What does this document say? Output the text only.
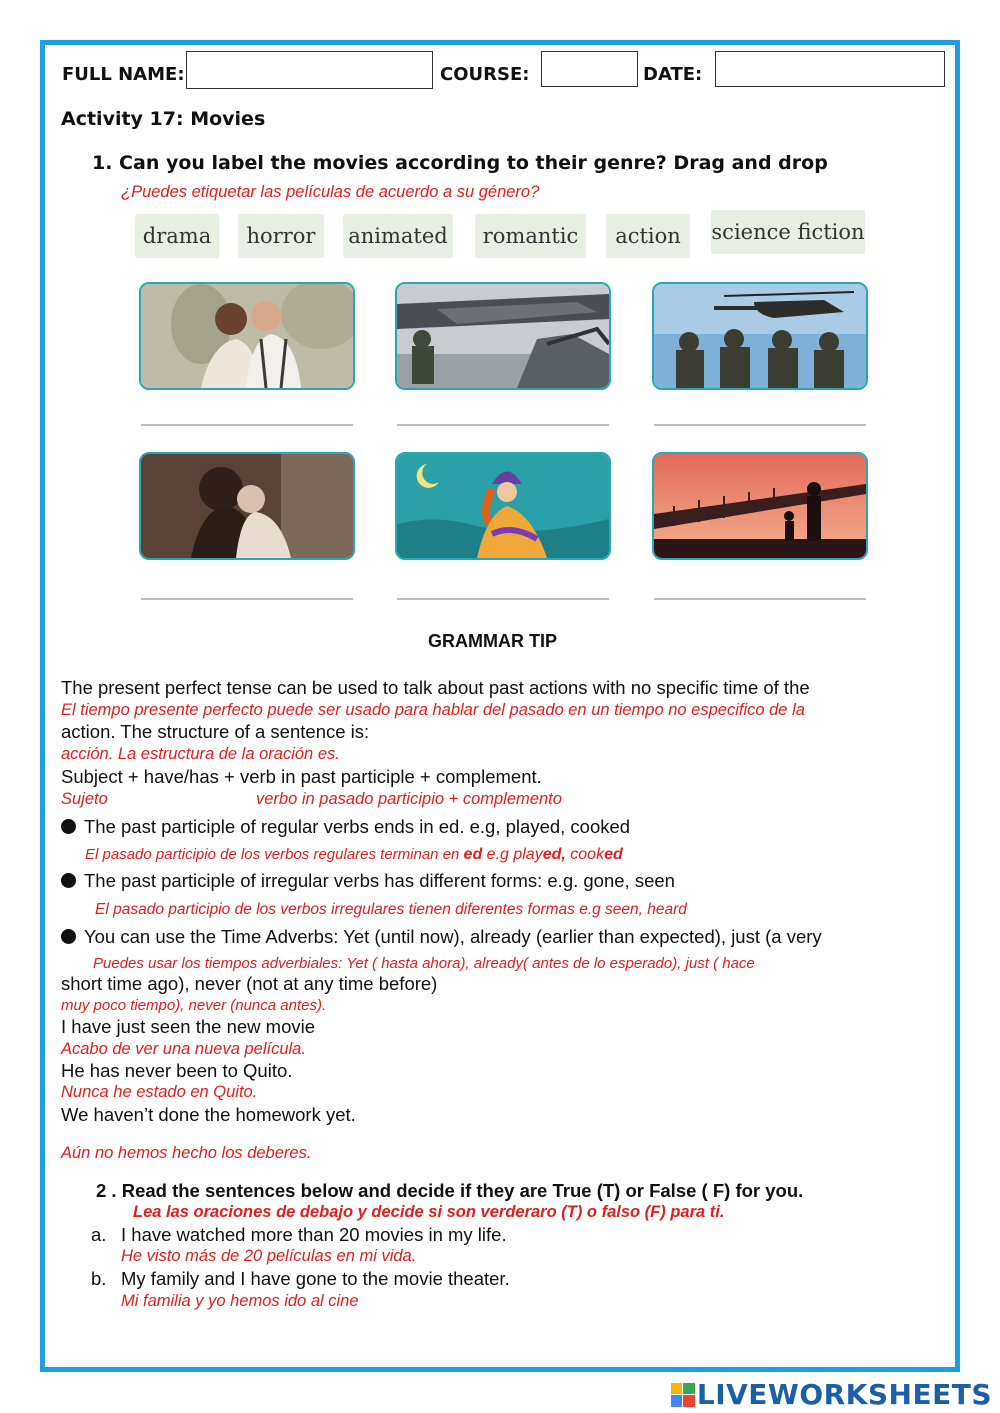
FULL NAME:	COURSE:	DATE:
Activity 17: Movies
1. Can you label the movies according to their genre? Drag and drop
¿Puedes etiquetar las películas de acuerdo a su género?
drama	horror	animated	romantic	action	science fiction
GRAMMAR TIP
The present perfect tense can be used to talk about past actions with no specific time of the
El tiempo presente perfecto puede ser usado para hablar del pasado en un tiempo no especifico de la
action. The structure of a sentence is:
acción. La estructura de la oración es.
Subject + have/has + verb in past participle + complement.
Sujeto	verbo in pasado participio + complemento
The past participle of regular verbs ends in ed. e.g, played, cooked
El pasado participio de los verbos regulares terminan en ed e.g played, cooked
The past participle of irregular verbs has different forms: e.g. gone, seen
El pasado participio de los verbos irregulares tienen diferentes formas e.g seen, heard
You can use the Time Adverbs: Yet (until now), already (earlier than expected), just (a very
Puedes usar los tiempos adverbiales: Yet ( hasta ahora), already( antes de lo esperado), just ( hace
short time ago), never (not at any time before)
muy poco tiempo), never (nunca antes).
I have just seen the new movie
Acabo de ver una nueva película.
He has never been to Quito.
Nunca he estado en Quito.
We haven’t done the homework yet.
Aún no hemos hecho los deberes.
2 . Read the sentences below and decide if they are True (T) or False ( F) for you.
Lea las oraciones de debajo y decide si son verderaro (T) o falso (F) para ti.
a. I have watched more than 20 movies in my life.
He visto más de 20 películas en mi vida.
b. My family and I have gone to the movie theater.
Mi familia y yo hemos ido al cine
LIVEWORKSHEETS
